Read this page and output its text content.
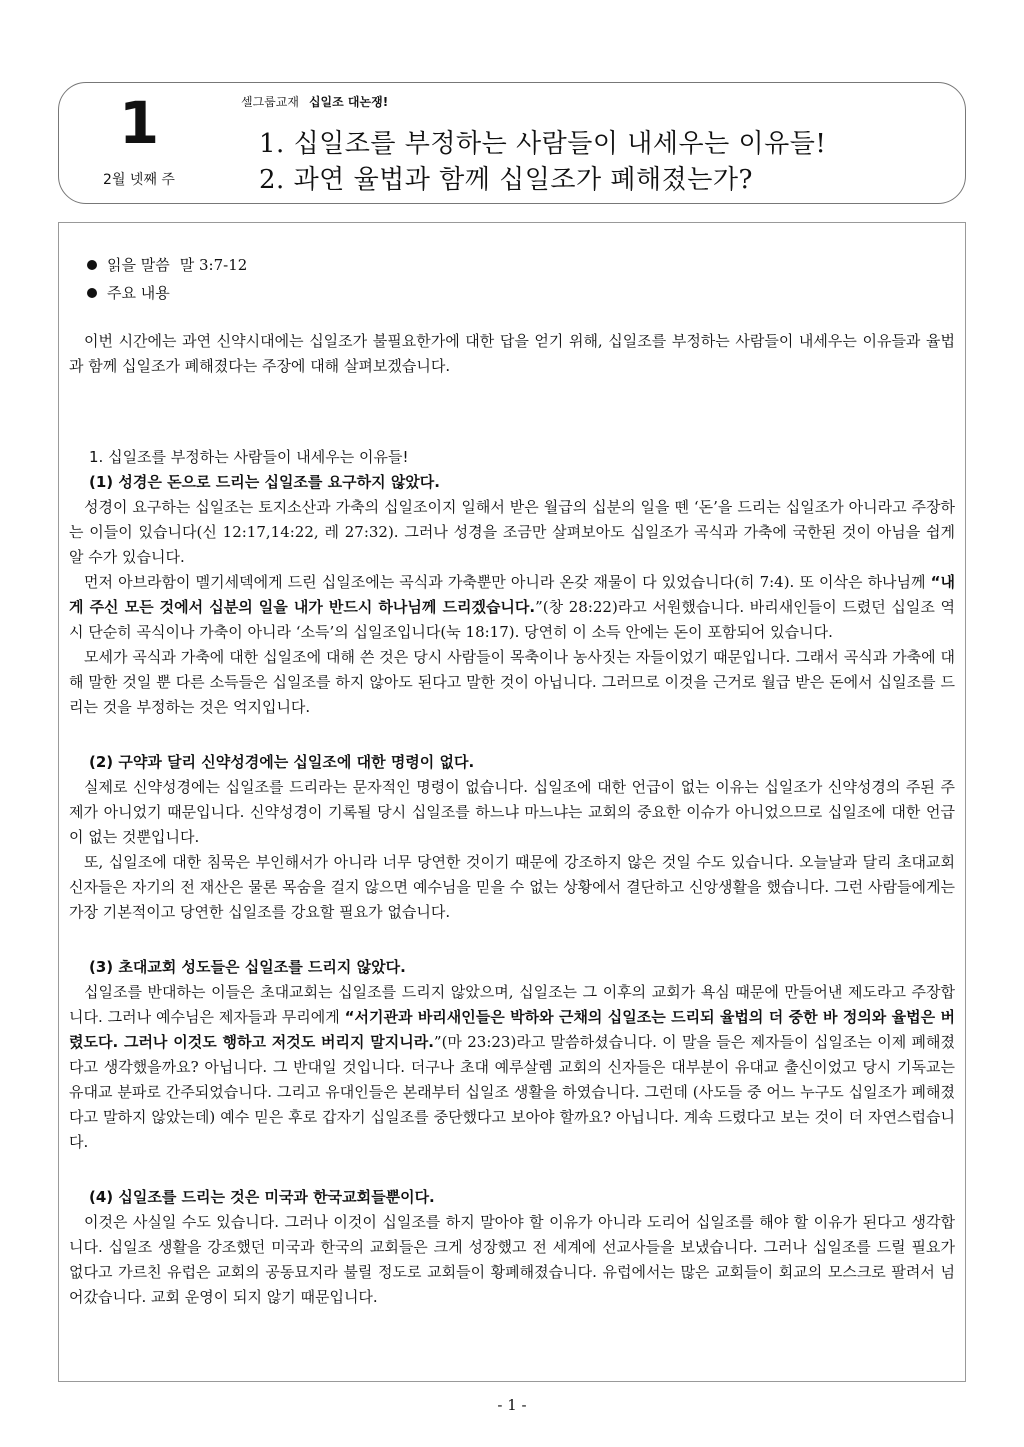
1
2월 넷째 주
셀그룹교재 십일조 대논쟁!
1. 십일조를 부정하는 사람들이 내세우는 이유들!
2. 과연 율법과 함께 십일조가 폐해졌는가?
읽을 말씀 말 3:7-12
주요 내용

이번 시간에는 과연 신약시대에는 십일조가 불필요한가에 대한 답을 얻기 위해, 십일조를 부정하는 사람들이 내세우는 이유들과 율법과 함께 십일조가 폐해졌다는 주장에 대해 살펴보겠습니다.

1. 십일조를 부정하는 사람들이 내세우는 이유들!
(1) 성경은 돈으로 드리는 십일조를 요구하지 않았다.

성경이 요구하는 십일조는 토지소산과 가축의 십일조이지 일해서 받은 월급의 십분의 일을 뗀 ‘돈’을 드리는 십일조가 아니라고 주장하는 이들이 있습니다(신 12:17,14:22, 레 27:32). 그러나 성경을 조금만 살펴보아도 십일조가 곡식과 가축에 국한된 것이 아님을 쉽게 알 수가 있습니다.

먼저 아브라함이 멜기세덱에게 드린 십일조에는 곡식과 가축뿐만 아니라 온갖 재물이 다 있었습니다(히 7:4). 또 이삭은 하나님께 “내게 주신 모든 것에서 십분의 일을 내가 반드시 하나님께 드리겠습니다.”(창 28:22)라고 서원했습니다. 바리새인들이 드렸던 십일조 역시 단순히 곡식이나 가축이 아니라 ‘소득’의 십일조입니다(눅 18:17). 당연히 이 소득 안에는 돈이 포함되어 있습니다.

모세가 곡식과 가축에 대한 십일조에 대해 쓴 것은 당시 사람들이 목축이나 농사짓는 자들이었기 때문입니다. 그래서 곡식과 가축에 대해 말한 것일 뿐 다른 소득들은 십일조를 하지 않아도 된다고 말한 것이 아닙니다. 그러므로 이것을 근거로 월급 받은 돈에서 십일조를 드리는 것을 부정하는 것은 억지입니다.

(2) 구약과 달리 신약성경에는 십일조에 대한 명령이 없다.

실제로 신약성경에는 십일조를 드리라는 문자적인 명령이 없습니다. 십일조에 대한 언급이 없는 이유는 십일조가 신약성경의 주된 주제가 아니었기 때문입니다. 신약성경이 기록될 당시 십일조를 하느냐 마느냐는 교회의 중요한 이슈가 아니었으므로 십일조에 대한 언급이 없는 것뿐입니다.

또, 십일조에 대한 침묵은 부인해서가 아니라 너무 당연한 것이기 때문에 강조하지 않은 것일 수도 있습니다. 오늘날과 달리 초대교회 신자들은 자기의 전 재산은 물론 목숨을 걸지 않으면 예수님을 믿을 수 없는 상황에서 결단하고 신앙생활을 했습니다. 그런 사람들에게는 가장 기본적이고 당연한 십일조를 강요할 필요가 없습니다.

(3) 초대교회 성도들은 십일조를 드리지 않았다.

십일조를 반대하는 이들은 초대교회는 십일조를 드리지 않았으며, 십일조는 그 이후의 교회가 욕심 때문에 만들어낸 제도라고 주장합니다. 그러나 예수님은 제자들과 무리에게 “서기관과 바리새인들은 박하와 근채의 십일조는 드리되 율법의 더 중한 바 정의와 율법은 버렸도다. 그러나 이것도 행하고 저것도 버리지 말지니라.”(마 23:23)라고 말씀하셨습니다. 이 말을 들은 제자들이 십일조는 이제 폐해졌다고 생각했을까요? 아닙니다. 그 반대일 것입니다. 더구나 초대 예루살렘 교회의 신자들은 대부분이 유대교 출신이었고 당시 기독교는 유대교 분파로 간주되었습니다. 그리고 유대인들은 본래부터 십일조 생활을 하였습니다. 그런데 (사도들 중 어느 누구도 십일조가 폐해졌다고 말하지 않았는데) 예수 믿은 후로 갑자기 십일조를 중단했다고 보아야 할까요? 아닙니다. 계속 드렸다고 보는 것이 더 자연스럽습니다.

(4) 십일조를 드리는 것은 미국과 한국교회들뿐이다.

이것은 사실일 수도 있습니다. 그러나 이것이 십일조를 하지 말아야 할 이유가 아니라 도리어 십일조를 해야 할 이유가 된다고 생각합니다. 십일조 생활을 강조했던 미국과 한국의 교회들은 크게 성장했고 전 세계에 선교사들을 보냈습니다. 그러나 십일조를 드릴 필요가 없다고 가르친 유럽은 교회의 공동묘지라 불릴 정도로 교회들이 황폐해졌습니다. 유럽에서는 많은 교회들이 회교의 모스크로 팔려서 넘어갔습니다. 교회 운영이 되지 않기 때문입니다.

- 1 -
